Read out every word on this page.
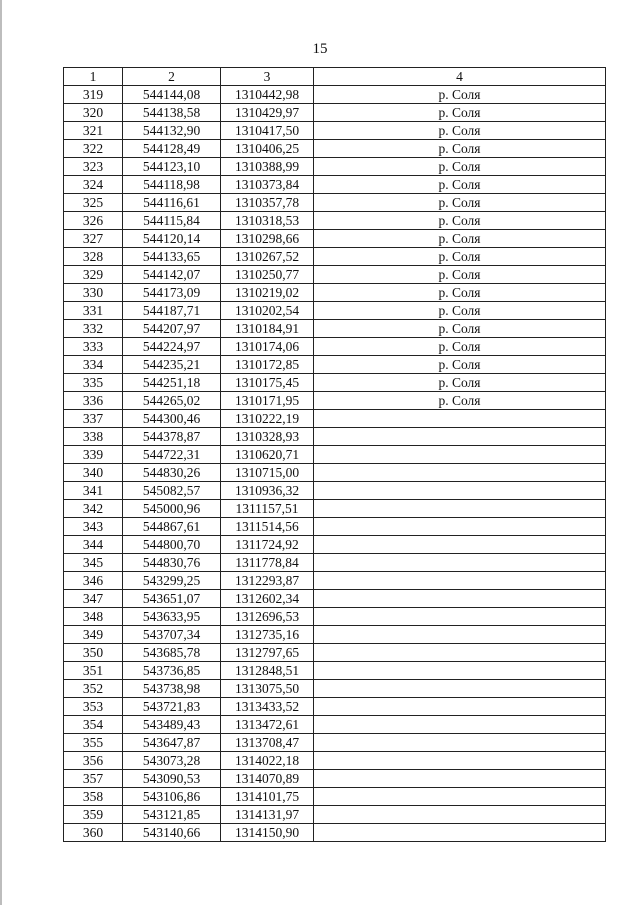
15
1	2	3	4
319	544144,08	1310442,98	р. Соля
320	544138,58	1310429,97	р. Соля
321	544132,90	1310417,50	р. Соля
322	544128,49	1310406,25	р. Соля
323	544123,10	1310388,99	р. Соля
324	544118,98	1310373,84	р. Соля
325	544116,61	1310357,78	р. Соля
326	544115,84	1310318,53	р. Соля
327	544120,14	1310298,66	р. Соля
328	544133,65	1310267,52	р. Соля
329	544142,07	1310250,77	р. Соля
330	544173,09	1310219,02	р. Соля
331	544187,71	1310202,54	р. Соля
332	544207,97	1310184,91	р. Соля
333	544224,97	1310174,06	р. Соля
334	544235,21	1310172,85	р. Соля
335	544251,18	1310175,45	р. Соля
336	544265,02	1310171,95	р. Соля
337	544300,46	1310222,19	
338	544378,87	1310328,93	
339	544722,31	1310620,71	
340	544830,26	1310715,00	
341	545082,57	1310936,32	
342	545000,96	1311157,51	
343	544867,61	1311514,56	
344	544800,70	1311724,92	
345	544830,76	1311778,84	
346	543299,25	1312293,87	
347	543651,07	1312602,34	
348	543633,95	1312696,53	
349	543707,34	1312735,16	
350	543685,78	1312797,65	
351	543736,85	1312848,51	
352	543738,98	1313075,50	
353	543721,83	1313433,52	
354	543489,43	1313472,61	
355	543647,87	1313708,47	
356	543073,28	1314022,18	
357	543090,53	1314070,89	
358	543106,86	1314101,75	
359	543121,85	1314131,97	
360	543140,66	1314150,90	
